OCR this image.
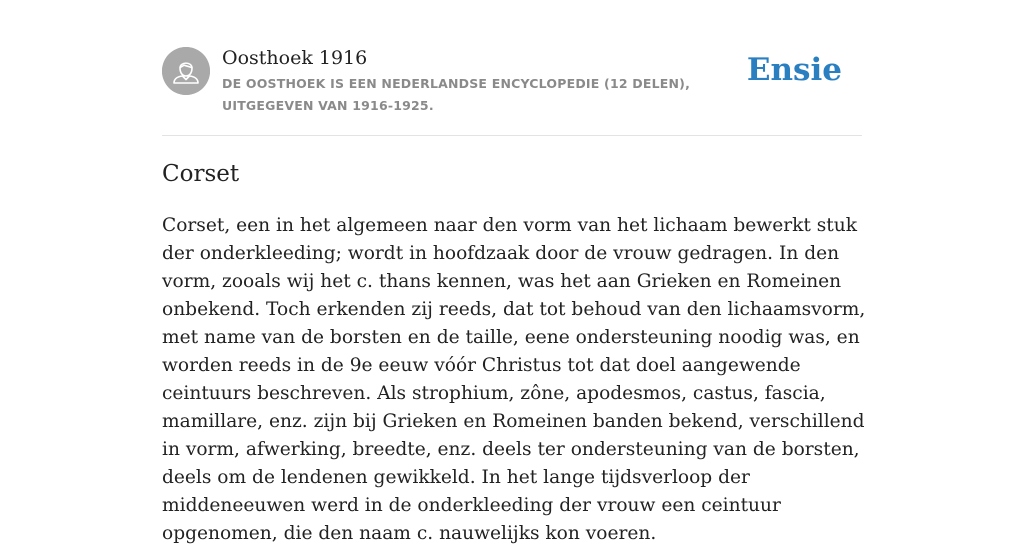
Oosthoek 1916
DE OOSTHOEK IS EEN NEDERLANDSE ENCYCLOPEDIE (12 DELEN), UITGEGEVEN VAN 1916-1925.
Ensie
Corset

Corset, een in het algemeen naar den vorm van het lichaam bewerkt stuk der onderkleeding; wordt in hoofdzaak door de vrouw gedragen. In den vorm, zooals wij het c. thans kennen, was het aan Grieken en Romeinen onbekend. Toch erkenden zij reeds, dat tot behoud van den lichaamsvorm, met name van de borsten en de taille, eene ondersteuning noodig was, en worden reeds in de 9e eeuw vóór Christus tot dat doel aangewende ceintuurs beschreven. Als strophium, zône, apodesmos, castus, fascia, mamillare, enz. zijn bij Grieken en Romeinen banden bekend, verschillend in vorm, afwerking, breedte, enz. deels ter ondersteuning van de borsten, deels om de lendenen gewikkeld. In het lange tijdsverloop der middeneeuwen werd in de onderkleeding der vrouw een ceintuur opgenomen, die den naam c. nauwelijks kon voeren.
